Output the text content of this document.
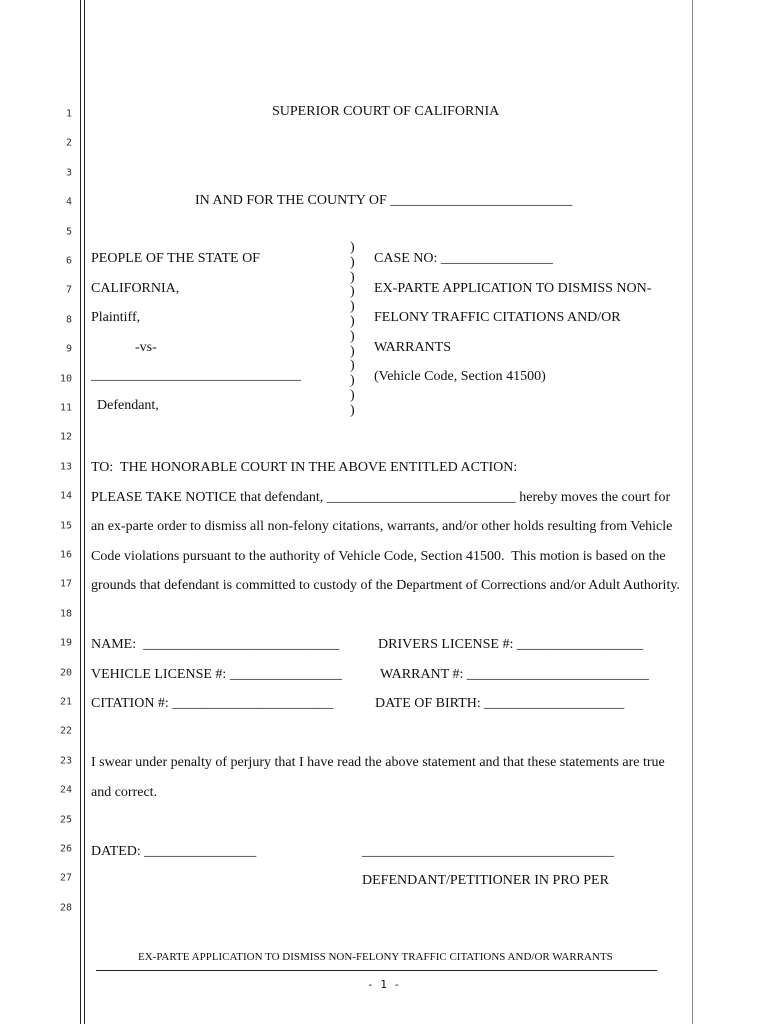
1
2
3
4
5
6
7
8
9
10
11
12
13
14
15
16
17
18
19
20
21
22
23
24
25
26
27
28
SUPERIOR COURT OF CALIFORNIA
IN AND FOR THE COUNTY OF __________________________
PEOPLE OF THE STATE OF
CALIFORNIA,
Plaintiff,
-vs-
______________________________
Defendant,
)
)
)
)
)
)
)
)
)
)
)
)
CASE NO: ________________
EX-PARTE APPLICATION TO DISMISS NON-
FELONY TRAFFIC CITATIONS AND/OR
WARRANTS
(Vehicle Code, Section 41500)
TO:  THE HONORABLE COURT IN THE ABOVE ENTITLED ACTION:
PLEASE TAKE NOTICE that defendant, ___________________________ hereby moves the court for
an ex-parte order to dismiss all non-felony citations, warrants, and/or other holds resulting from Vehicle
Code violations pursuant to the authority of Vehicle Code, Section 41500.  This motion is based on the
grounds that defendant is committed to custody of the Department of Corrections and/or Adult Authority.
NAME:  ____________________________	DRIVERS LICENSE #: __________________
VEHICLE LICENSE #: ________________	WARRANT #: __________________________
CITATION #: _______________________	DATE OF BIRTH: ____________________
I swear under penalty of perjury that I have read the above statement and that these statements are true
and correct.
DATED: ________________	____________________________________
DEFENDANT/PETITIONER IN PRO PER
EX-PARTE APPLICATION TO DISMISS NON-FELONY TRAFFIC CITATIONS AND/OR WARRANTS
- 1 -
